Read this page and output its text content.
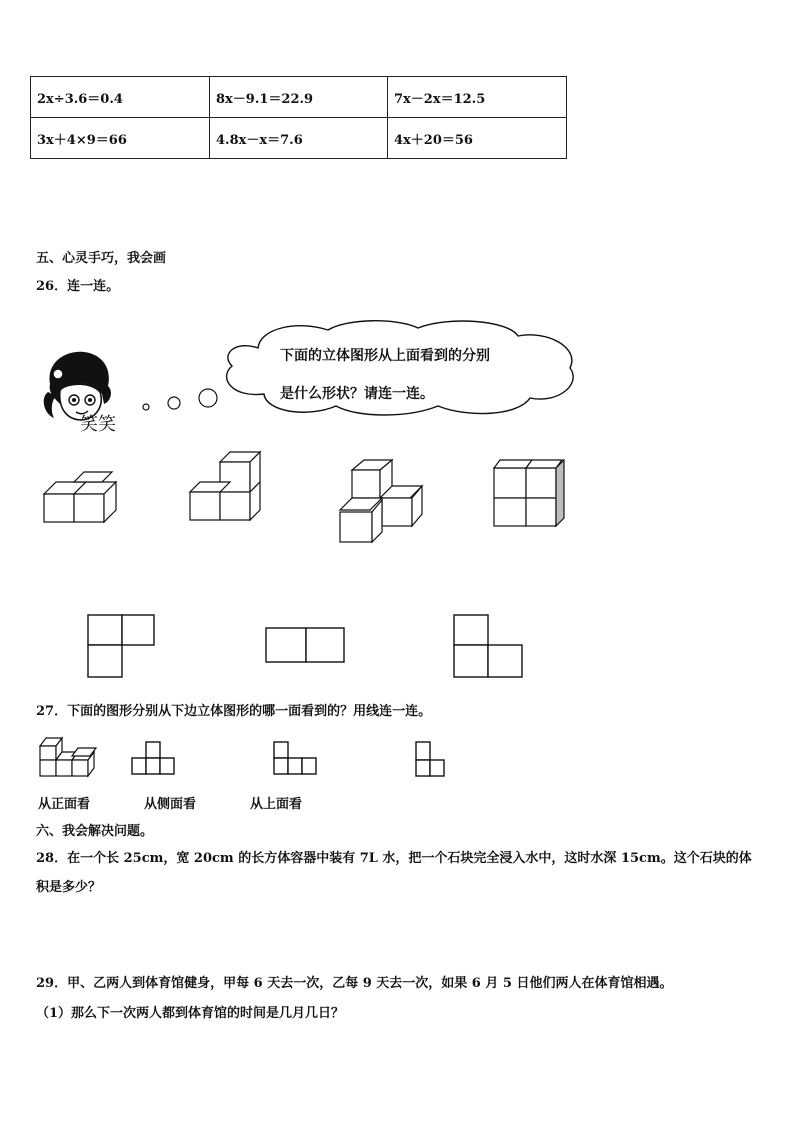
2x÷3.6＝0.4	8x－9.1＝22.9	7x－2x＝12.5
3x＋4×9＝66	4.8x－x＝7.6	4x＋20＝56
五、心灵手巧，我会画
26．连一连。
笑笑
下面的立体图形从上面看到的分别
是什么形状？请连一连。
27．下面的图形分别从下边立体图形的哪一面看到的？用线连一连。
从正面看	从侧面看	从上面看
六、我会解决问题。
28．在一个长 25cm，宽 20cm 的长方体容器中装有 7L 水，把一个石块完全浸入水中，这时水深 15cm。这个石块的体
积是多少？
29．甲、乙两人到体育馆健身，甲每 6 天去一次，乙每 9 天去一次，如果 6 月 5 日他们两人在体育馆相遇。
（1）那么下一次两人都到体育馆的时间是几月几日？
